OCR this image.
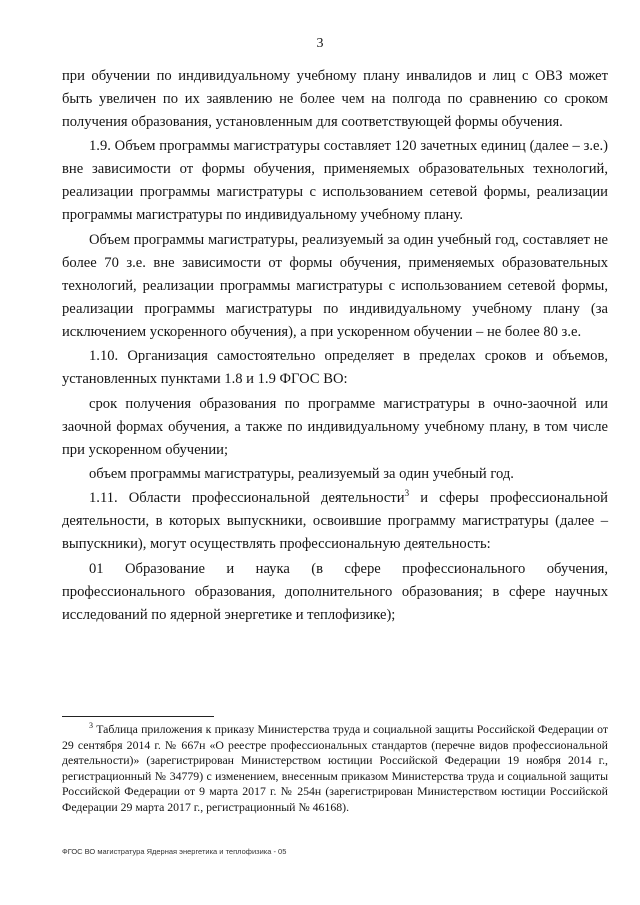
3

при обучении по индивидуальному учебному плану инвалидов и лиц с ОВЗ может быть увеличен по их заявлению не более чем на полгода по сравнению со сроком получения образования, установленным для соответствующей формы обучения.

1.9. Объем программы магистратуры составляет 120 зачетных единиц (далее – з.е.) вне зависимости от формы обучения, применяемых образовательных технологий, реализации программы магистратуры с использованием сетевой формы, реализации программы магистратуры по индивидуальному учебному плану.

Объем программы магистратуры, реализуемый за один учебный год, составляет не более 70 з.е. вне зависимости от формы обучения, применяемых образовательных технологий, реализации программы магистратуры с использованием сетевой формы, реализации программы магистратуры по индивидуальному учебному плану (за исключением ускоренного обучения), а при ускоренном обучении – не более 80 з.е.

1.10. Организация самостоятельно определяет в пределах сроков и объемов, установленных пунктами 1.8 и 1.9 ФГОС ВО:

срок получения образования по программе магистратуры в очно-заочной или заочной формах обучения, а также по индивидуальному учебному плану, в том числе при ускоренном обучении;

объем программы магистратуры, реализуемый за один учебный год.

1.11. Области профессиональной деятельности$^3$ и сферы профессиональной деятельности, в которых выпускники, освоившие программу магистратуры (далее – выпускники), могут осуществлять профессиональную деятельность:

01 Образование и наука (в сфере профессионального обучения, профессионального образования, дополнительного образования; в сфере научных исследований по ядерной энергетике и теплофизике);

$^3$ Таблица приложения к приказу Министерства труда и социальной защиты Российской Федерации от 29 сентября 2014 г. № 667н «О реестре профессиональных стандартов (перечне видов профессиональной деятельности)» (зарегистрирован Министерством юстиции Российской Федерации 19 ноября 2014 г., регистрационный № 34779) с изменением, внесенным приказом Министерства труда и социальной защиты Российской Федерации от 9 марта 2017 г. № 254н (зарегистрирован Министерством юстиции Российской Федерации 29 марта 2017 г., регистрационный № 46168).
ФГОС ВО магистратура Ядерная энергетика и теплофизика - 05
